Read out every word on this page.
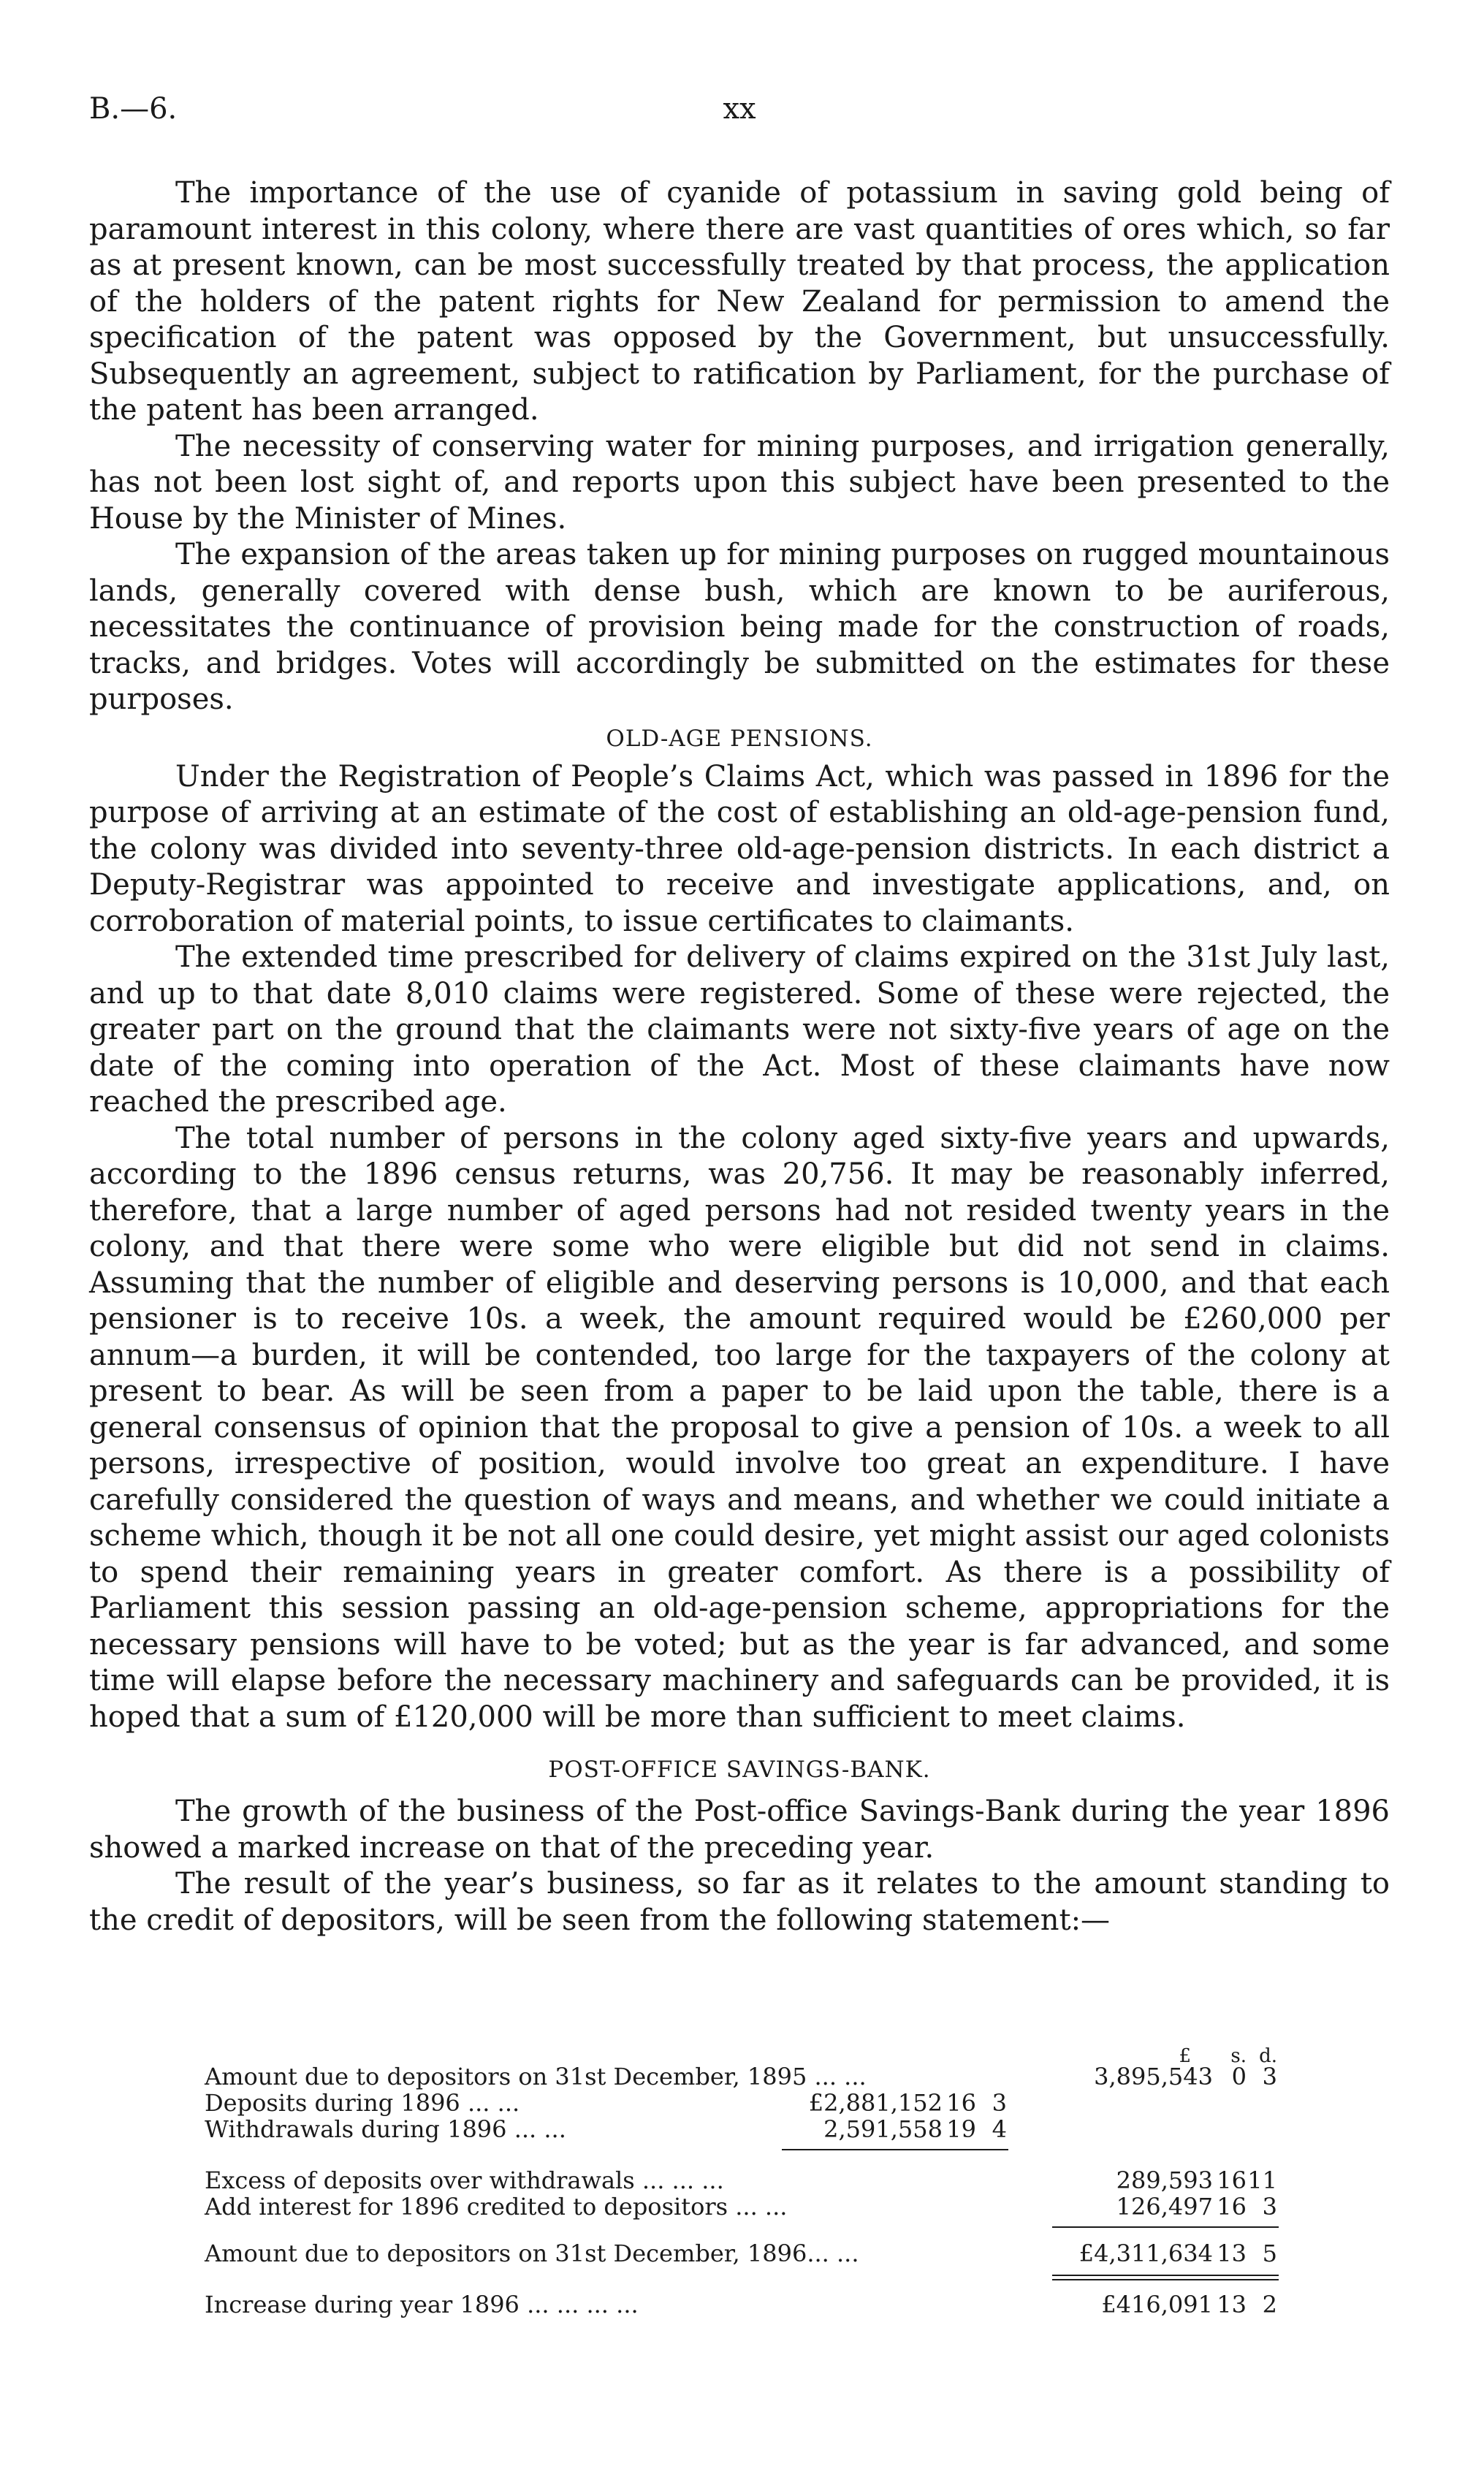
B.—6.	xx

The importance of the use of cyanide of potassium in saving gold being of paramount interest in this colony, where there are vast quantities of ores which, so far as at present known, can be most successfully treated by that process, the application of the holders of the patent rights for New Zealand for permission to amend the specification of the patent was opposed by the Government, but unsuccessfully. Subsequently an agreement, subject to ratification by Parliament, for the purchase of the patent has been arranged.

The necessity of conserving water for mining purposes, and irrigation generally, has not been lost sight of, and reports upon this subject have been presented to the House by the Minister of Mines.

The expansion of the areas taken up for mining purposes on rugged mountainous lands, generally covered with dense bush, which are known to be auriferous, necessitates the continuance of provision being made for the construction of roads, tracks, and bridges. Votes will accordingly be submitted on the estimates for these purposes.

OLD-AGE PENSIONS.

Under the Registration of People’s Claims Act, which was passed in 1896 for the purpose of arriving at an estimate of the cost of establishing an old-age-pension fund, the colony was divided into seventy-three old-age-pension districts. In each district a Deputy-Registrar was appointed to receive and investigate applications, and, on corroboration of material points, to issue certificates to claimants.

The extended time prescribed for delivery of claims expired on the 31st July last, and up to that date 8,010 claims were registered. Some of these were rejected, the greater part on the ground that the claimants were not sixty-five years of age on the date of the coming into operation of the Act. Most of these claimants have now reached the prescribed age.

The total number of persons in the colony aged sixty-five years and upwards, according to the 1896 census returns, was 20,756. It may be reasonably inferred, therefore, that a large number of aged persons had not resided twenty years in the colony, and that there were some who were eligible but did not send in claims. Assuming that the number of eligible and deserving persons is 10,000, and that each pensioner is to receive 10s. a week, the amount required would be £260,000 per annum—a burden, it will be contended, too large for the taxpayers of the colony at present to bear. As will be seen from a paper to be laid upon the table, there is a general consensus of opinion that the proposal to give a pension of 10s. a week to all persons, irrespective of position, would involve too great an expenditure. I have carefully considered the question of ways and means, and whether we could initiate a scheme which, though it be not all one could desire, yet might assist our aged colonists to spend their remaining years in greater comfort. As there is a possibility of Parliament this session passing an old-age-pension scheme, appropriations for the necessary pensions will have to be voted; but as the year is far advanced, and some time will elapse before the necessary machinery and safeguards can be provided, it is hoped that a sum of £120,000 will be more than sufficient to meet claims.

POST-OFFICE SAVINGS-BANK.

The growth of the business of the Post-office Savings-Bank during the year 1896 showed a marked increase on that of the preceding year.

The result of the year’s business, so far as it relates to the amount standing to the credit of depositors, will be seen from the following statement:—

£	s. d.
Amount due to depositors on 31st December, 1895 ... ...	3,895,543 0 3
Deposits during 1896 ... ...	£2,881,152 16 3
Withdrawals during 1896 ... ...	2,591,558 19 4
Excess of deposits over withdrawals ... ... ...	289,593 16 11
Add interest for 1896 credited to depositors ... ...	126,497 16 3
Amount due to depositors on 31st December, 1896... ...	£4,311,634 13 5
Increase during year 1896 ... ... ... ...	£416,091 13 2
